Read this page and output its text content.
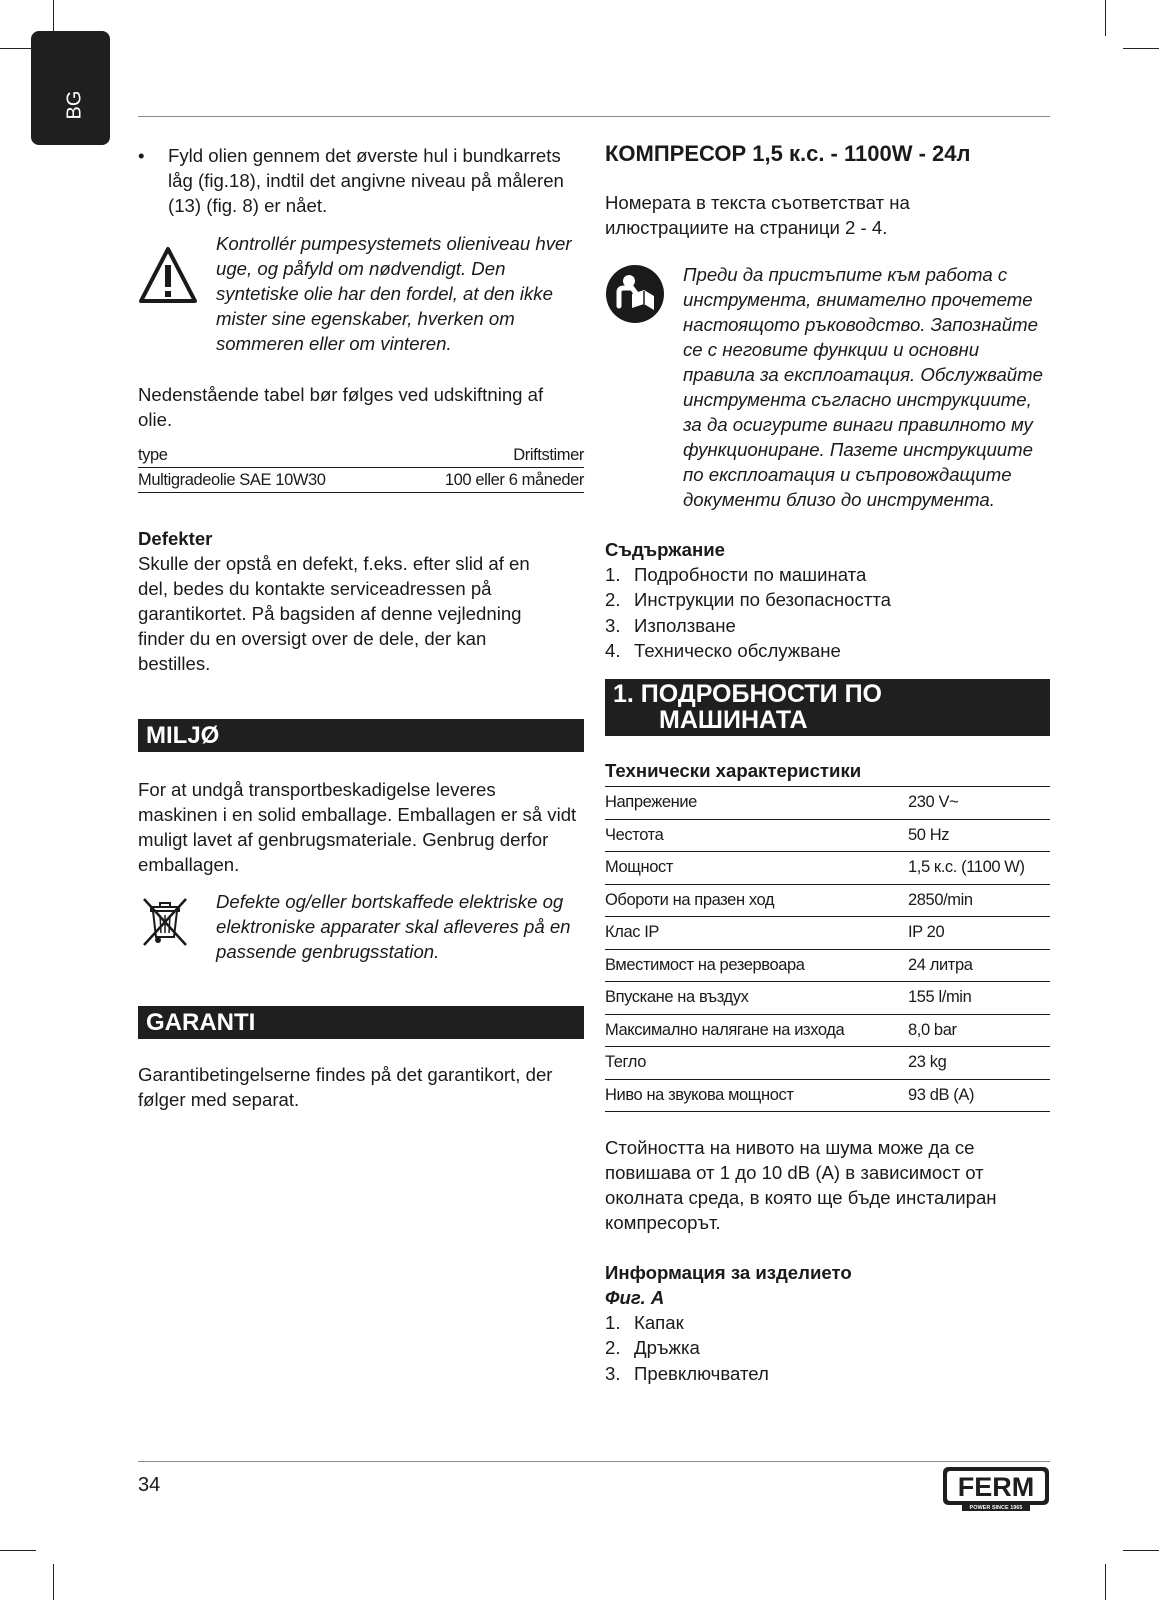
BG

• Fyld olien gennem det øverste hul i bundkarrets låg (fig.18), indtil det angivne niveau på måleren (13) (fig. 8) er nået.

Kontrollér pumpesystemets olieniveau hver uge, og påfyld om nødvendigt. Den syntetiske olie har den fordel, at den ikke mister sine egenskaber, hverken om sommeren eller om vinteren.

Nedenstående tabel bør følges ved udskiftning af olie.

type	Driftstimer
Multigradeolie SAE 10W30	100 eller 6 måneder

Defekter

Skulle der opstå en defekt, f.eks. efter slid af en del, bedes du kontakte serviceadressen på garantikortet. På bagsiden af denne vejledning finder du en oversigt over de dele, der kan bestilles.

MILJØ

For at undgå transportbeskadigelse leveres maskinen i en solid emballage. Emballagen er så vidt muligt lavet af genbrugsmateriale. Genbrug derfor emballagen.

Defekte og/eller bortskaffede elektriske og elektroniske apparater skal afleveres på en passende genbrugsstation.

GARANTI

Garantibetingelserne findes på det garantikort, der følger med separat.

КОМПРЕСОР 1,5 к.с. - 1100W - 24л

Номерата в текста съответстват на илюстрациите на страници 2 - 4.

Преди да пристъпите към работа с инструмента, внимателно прочетете настоящото ръководство. Запознайте се с неговите функции и основни правила за експлоатация. Обслужвайте инструмента съгласно инструкциите, за да осигурите винаги правилното му функциониране. Пазете инструкциите по експлоатация и съпровождащите документи близо до инструмента.

Съдържание

1. Подробности по машината
2. Инструкции по безопасността
3. Използване
4. Техническо обслужване
1. ПОДРОБНОСТИ ПО
МАШИНАТА

Технически характеристики

Напрежение	230 V~
Честота	50 Hz
Мощност	1,5 к.с. (1100 W)
Обороти на празен ход	2850/min
Клас IP	IP 20
Вместимост на резервоара	24 литра
Впускане на въздух	155 l/min
Максимално налягане на изхода	8,0 bar
Тегло	23 kg
Ниво на звукова мощност	93 dB (A)

Стойността на нивото на шума може да се повишава от 1 до 10 dB (A) в зависимост от околната среда, в която ще бъде инсталиран компресорът.

Информация за изделието

Фиг. A

1. Капак
2. Дръжка
3. Превключвател
34	FERM
POWER SINCE 1965
